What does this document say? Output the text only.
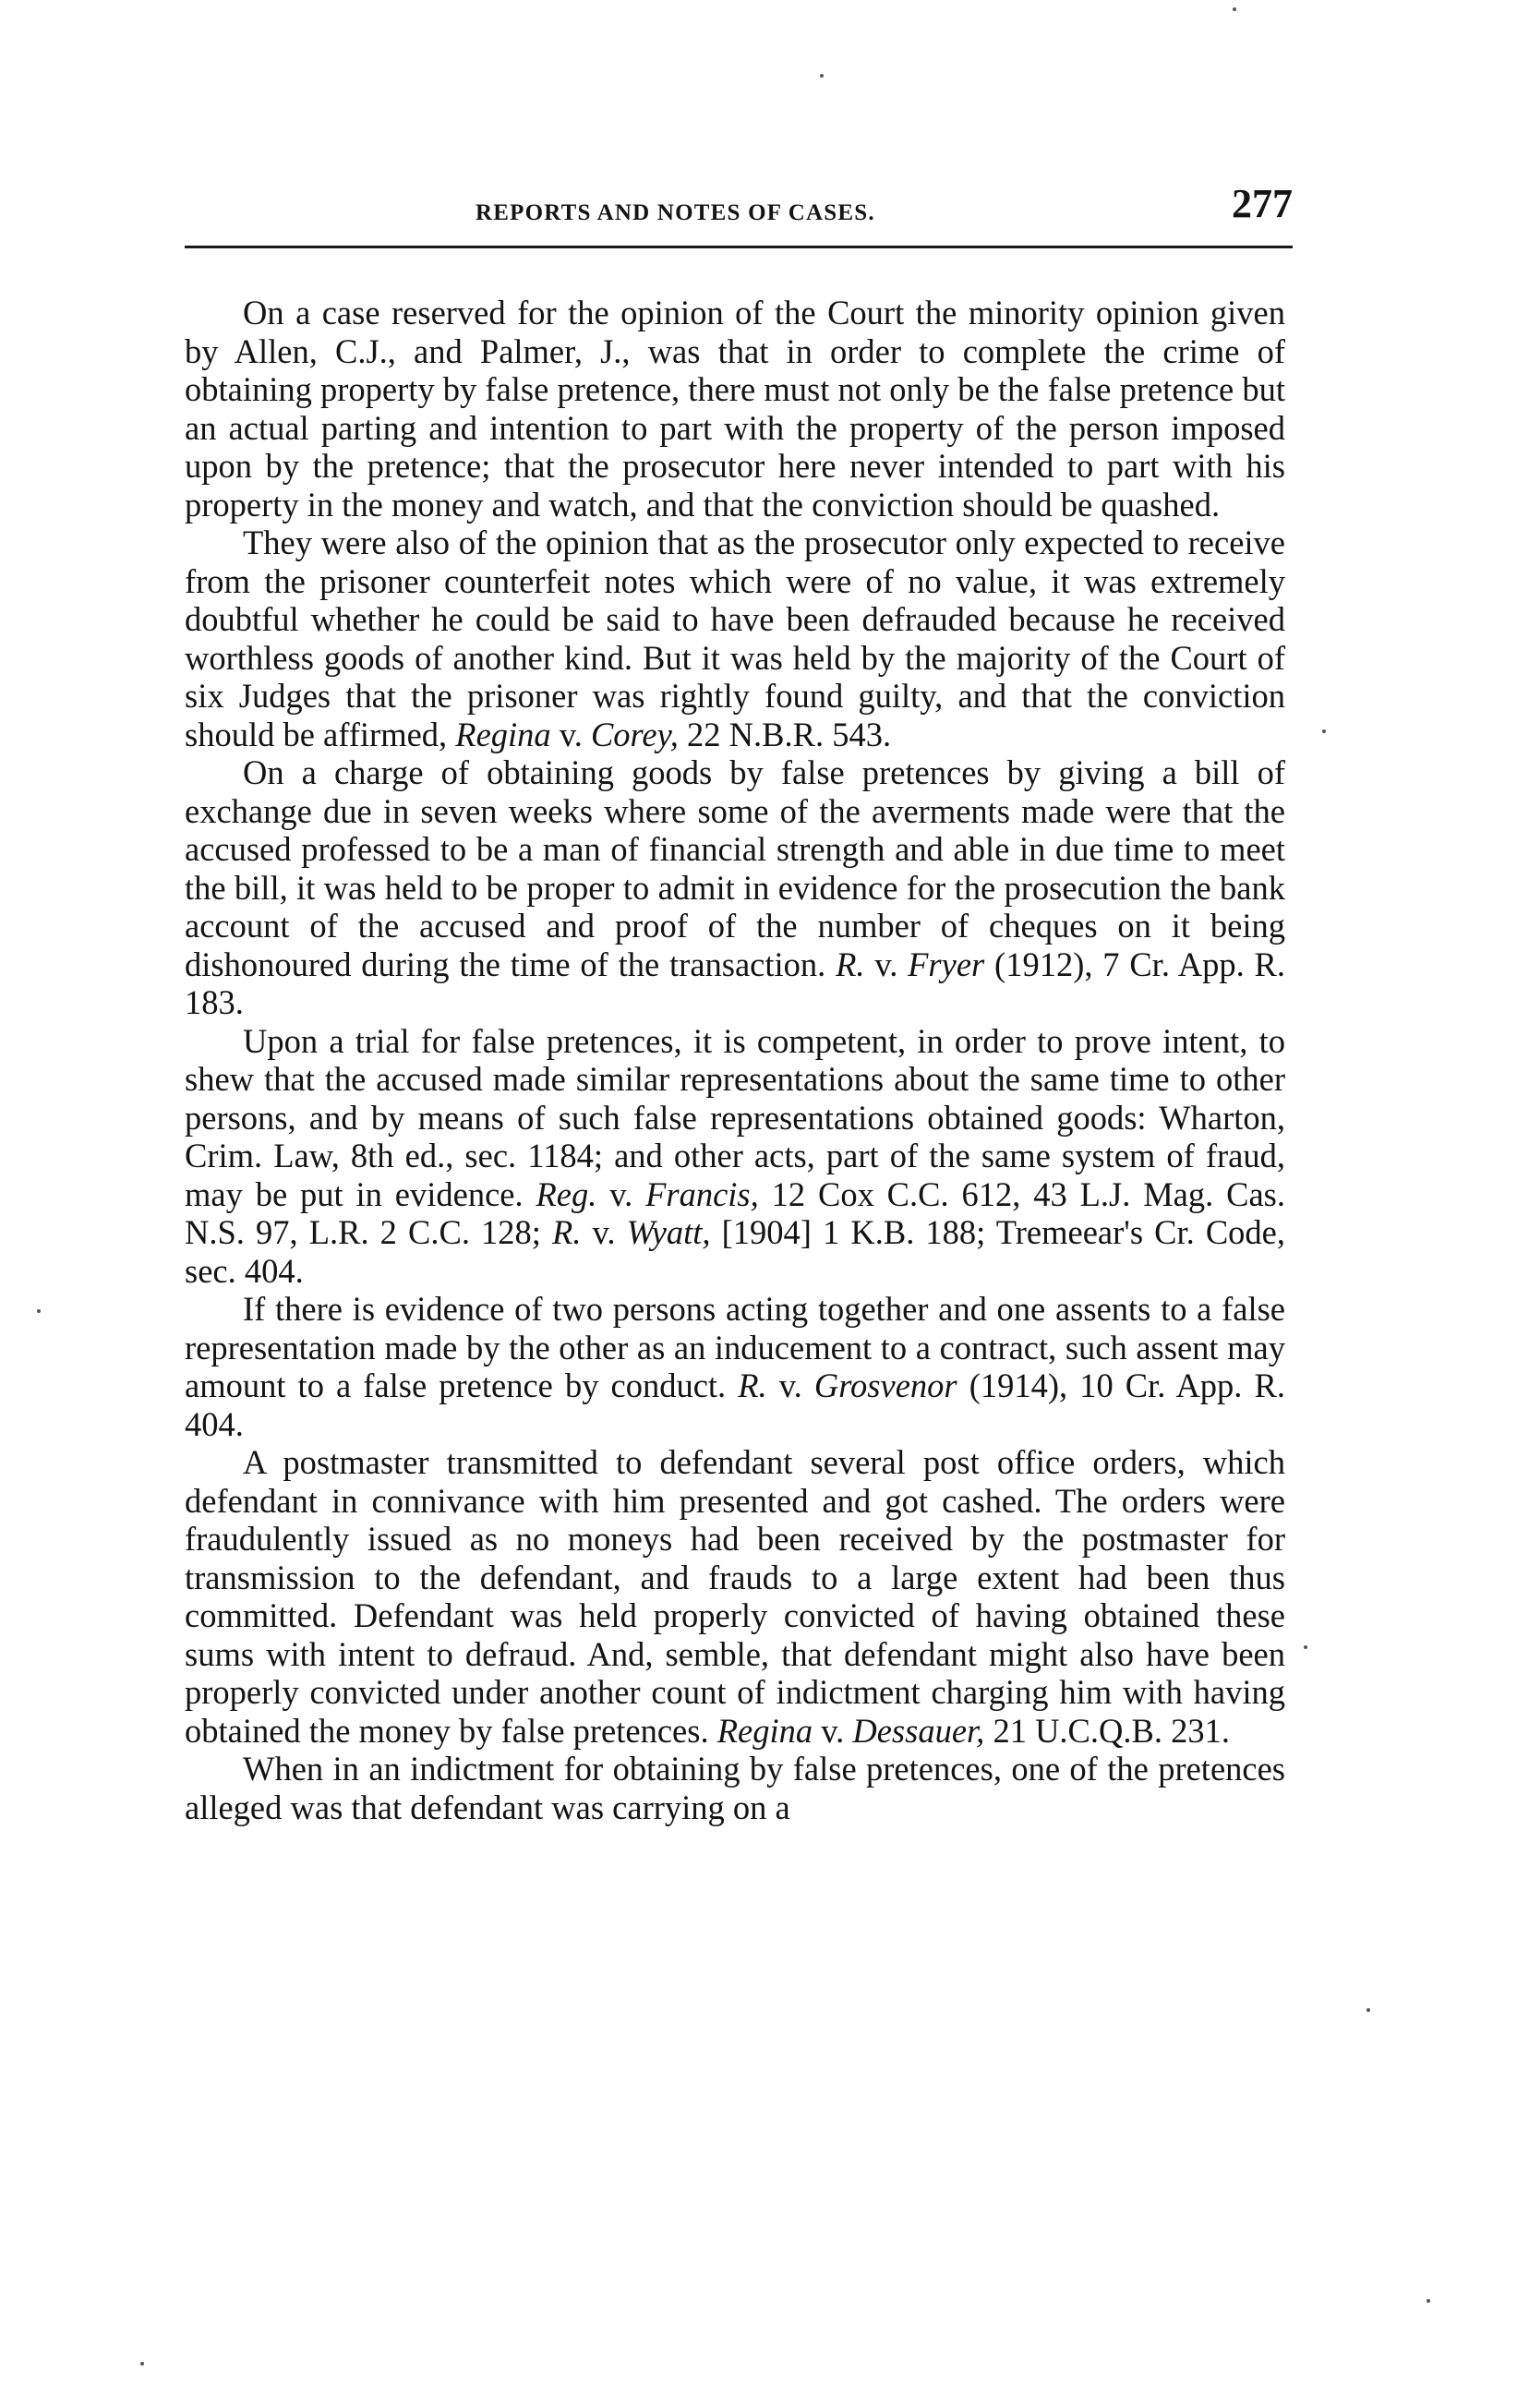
REPORTS AND NOTES OF CASES.	277

On a case reserved for the opinion of the Court the minority opinion given by Allen, C.J., and Palmer, J., was that in order to complete the crime of obtaining property by false pretence, there must not only be the false pretence but an actual parting and intention to part with the property of the person imposed upon by the pretence; that the prosecutor here never intended to part with his property in the money and watch, and that the conviction should be quashed.

They were also of the opinion that as the prosecutor only expected to receive from the prisoner counterfeit notes which were of no value, it was extremely doubtful whether he could be said to have been defrauded because he received worthless goods of another kind. But it was held by the majority of the Court of six Judges that the prisoner was rightly found guilty, and that the conviction should be affirmed, Regina v. Corey, 22 N.B.R. 543.

On a charge of obtaining goods by false pretences by giving a bill of exchange due in seven weeks where some of the averments made were that the accused professed to be a man of financial strength and able in due time to meet the bill, it was held to be proper to admit in evidence for the prosecution the bank account of the accused and proof of the number of cheques on it being dishonoured during the time of the transaction. R. v. Fryer (1912), 7 Cr. App. R. 183.

Upon a trial for false pretences, it is competent, in order to prove intent, to shew that the accused made similar representations about the same time to other persons, and by means of such false representations obtained goods: Wharton, Crim. Law, 8th ed., sec. 1184; and other acts, part of the same system of fraud, may be put in evidence. Reg. v. Francis, 12 Cox C.C. 612, 43 L.J. Mag. Cas. N.S. 97, L.R. 2 C.C. 128; R. v. Wyatt, [1904] 1 K.B. 188; Tremeear's Cr. Code, sec. 404.

If there is evidence of two persons acting together and one assents to a false representation made by the other as an inducement to a contract, such assent may amount to a false pretence by conduct. R. v. Grosvenor (1914), 10 Cr. App. R. 404.

A postmaster transmitted to defendant several post office orders, which defendant in connivance with him presented and got cashed. The orders were fraudulently issued as no moneys had been received by the postmaster for transmission to the defendant, and frauds to a large extent had been thus committed. Defendant was held properly convicted of having obtained these sums with intent to defraud. And, semble, that defendant might also have been properly convicted under another count of indictment charging him with having obtained the money by false pretences. Regina v. Dessauer, 21 U.C.Q.B. 231.

When in an indictment for obtaining by false pretences, one of the pretences alleged was that defendant was carrying on a
